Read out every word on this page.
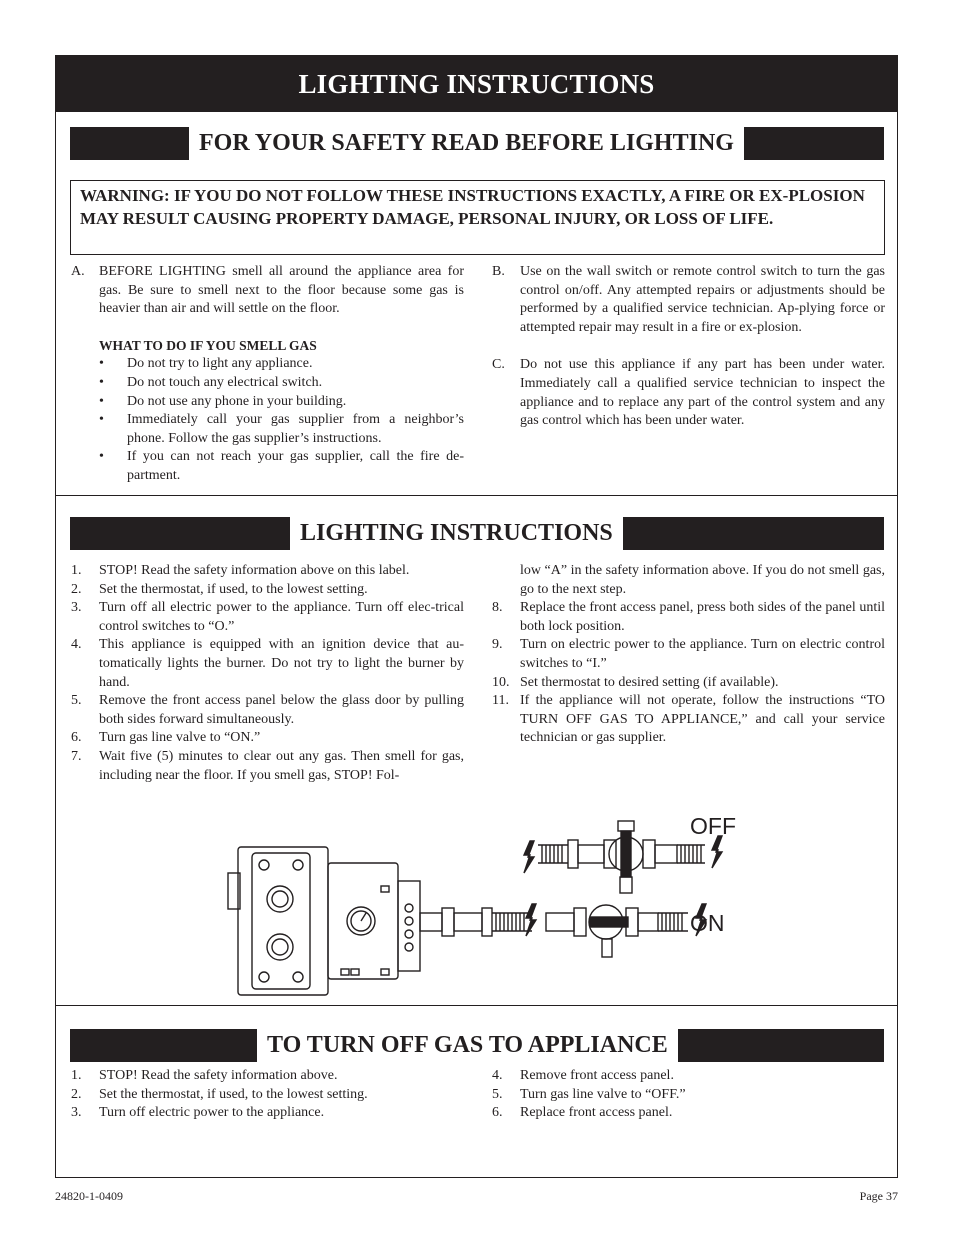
LIGHTING INSTRUCTIONS
FOR YOUR SAFETY READ BEFORE LIGHTING
WARNING: IF YOU DO NOT FOLLOW THESE INSTRUCTIONS EXACTLY, A FIRE OR EX-PLOSION MAY RESULT CAUSING PROPERTY DAMAGE, PERSONAL INJURY, OR LOSS OF LIFE.
A.	BEFORE LIGHTING smell all around the appliance area for gas. Be sure to smell next to the floor because some gas is heavier than air and will settle on the floor.
WHAT TO DO IF YOU SMELL GAS
•	Do not try to light any appliance.
•	Do not touch any electrical switch.
•	Do not use any phone in your building.
•	Immediately call your gas supplier from a neighbor’s phone. Follow the gas supplier’s instructions.
•	If you can not reach your gas supplier, call the fire de-partment.
B.	Use on the wall switch or remote control switch to turn the gas control on/off. Any attempted repairs or adjustments should be performed by a qualified service technician. Ap-plying force or attempted repair may result in a fire or ex-plosion.
C.	Do not use this appliance if any part has been under water. Immediately call a qualified service technician to inspect the appliance and to replace any part of the control system and any gas control which has been under water.
LIGHTING INSTRUCTIONS
1.	STOP! Read the safety information above on this label.
2.	Set the thermostat, if used, to the lowest setting.
3.	Turn off all electric power to the appliance. Turn off elec-trical control switches to “O.”
4.	This appliance is equipped with an ignition device that au-tomatically lights the burner. Do not try to light the burner by hand.
5.	Remove the front access panel below the glass door by pulling both sides forward simultaneously.
6.	Turn gas line valve to “ON.”
7.	Wait five (5) minutes to clear out any gas. Then smell for gas, including near the floor. If you smell gas, STOP! Fol-
low “A” in the safety information above. If you do not smell gas, go to the next step.
8.	Replace the front access panel, press both sides of the panel until both lock position.
9.	Turn on electric power to the appliance. Turn on electric control switches to “I.”
10. Set thermostat to desired setting (if available).
11. If the appliance will not operate, follow the instructions “TO TURN OFF GAS TO APPLIANCE,” and call your service technician or gas supplier.
OFF
ON
TO TURN OFF GAS TO APPLIANCE
1.	STOP! Read the safety information above.
2.	Set the thermostat, if used, to the lowest setting.
3.	Turn off electric power to the appliance.
4.	Remove front access panel.
5.	Turn gas line valve to “OFF.”
6.	Replace front access panel.
24820-1-0409	Page 37
